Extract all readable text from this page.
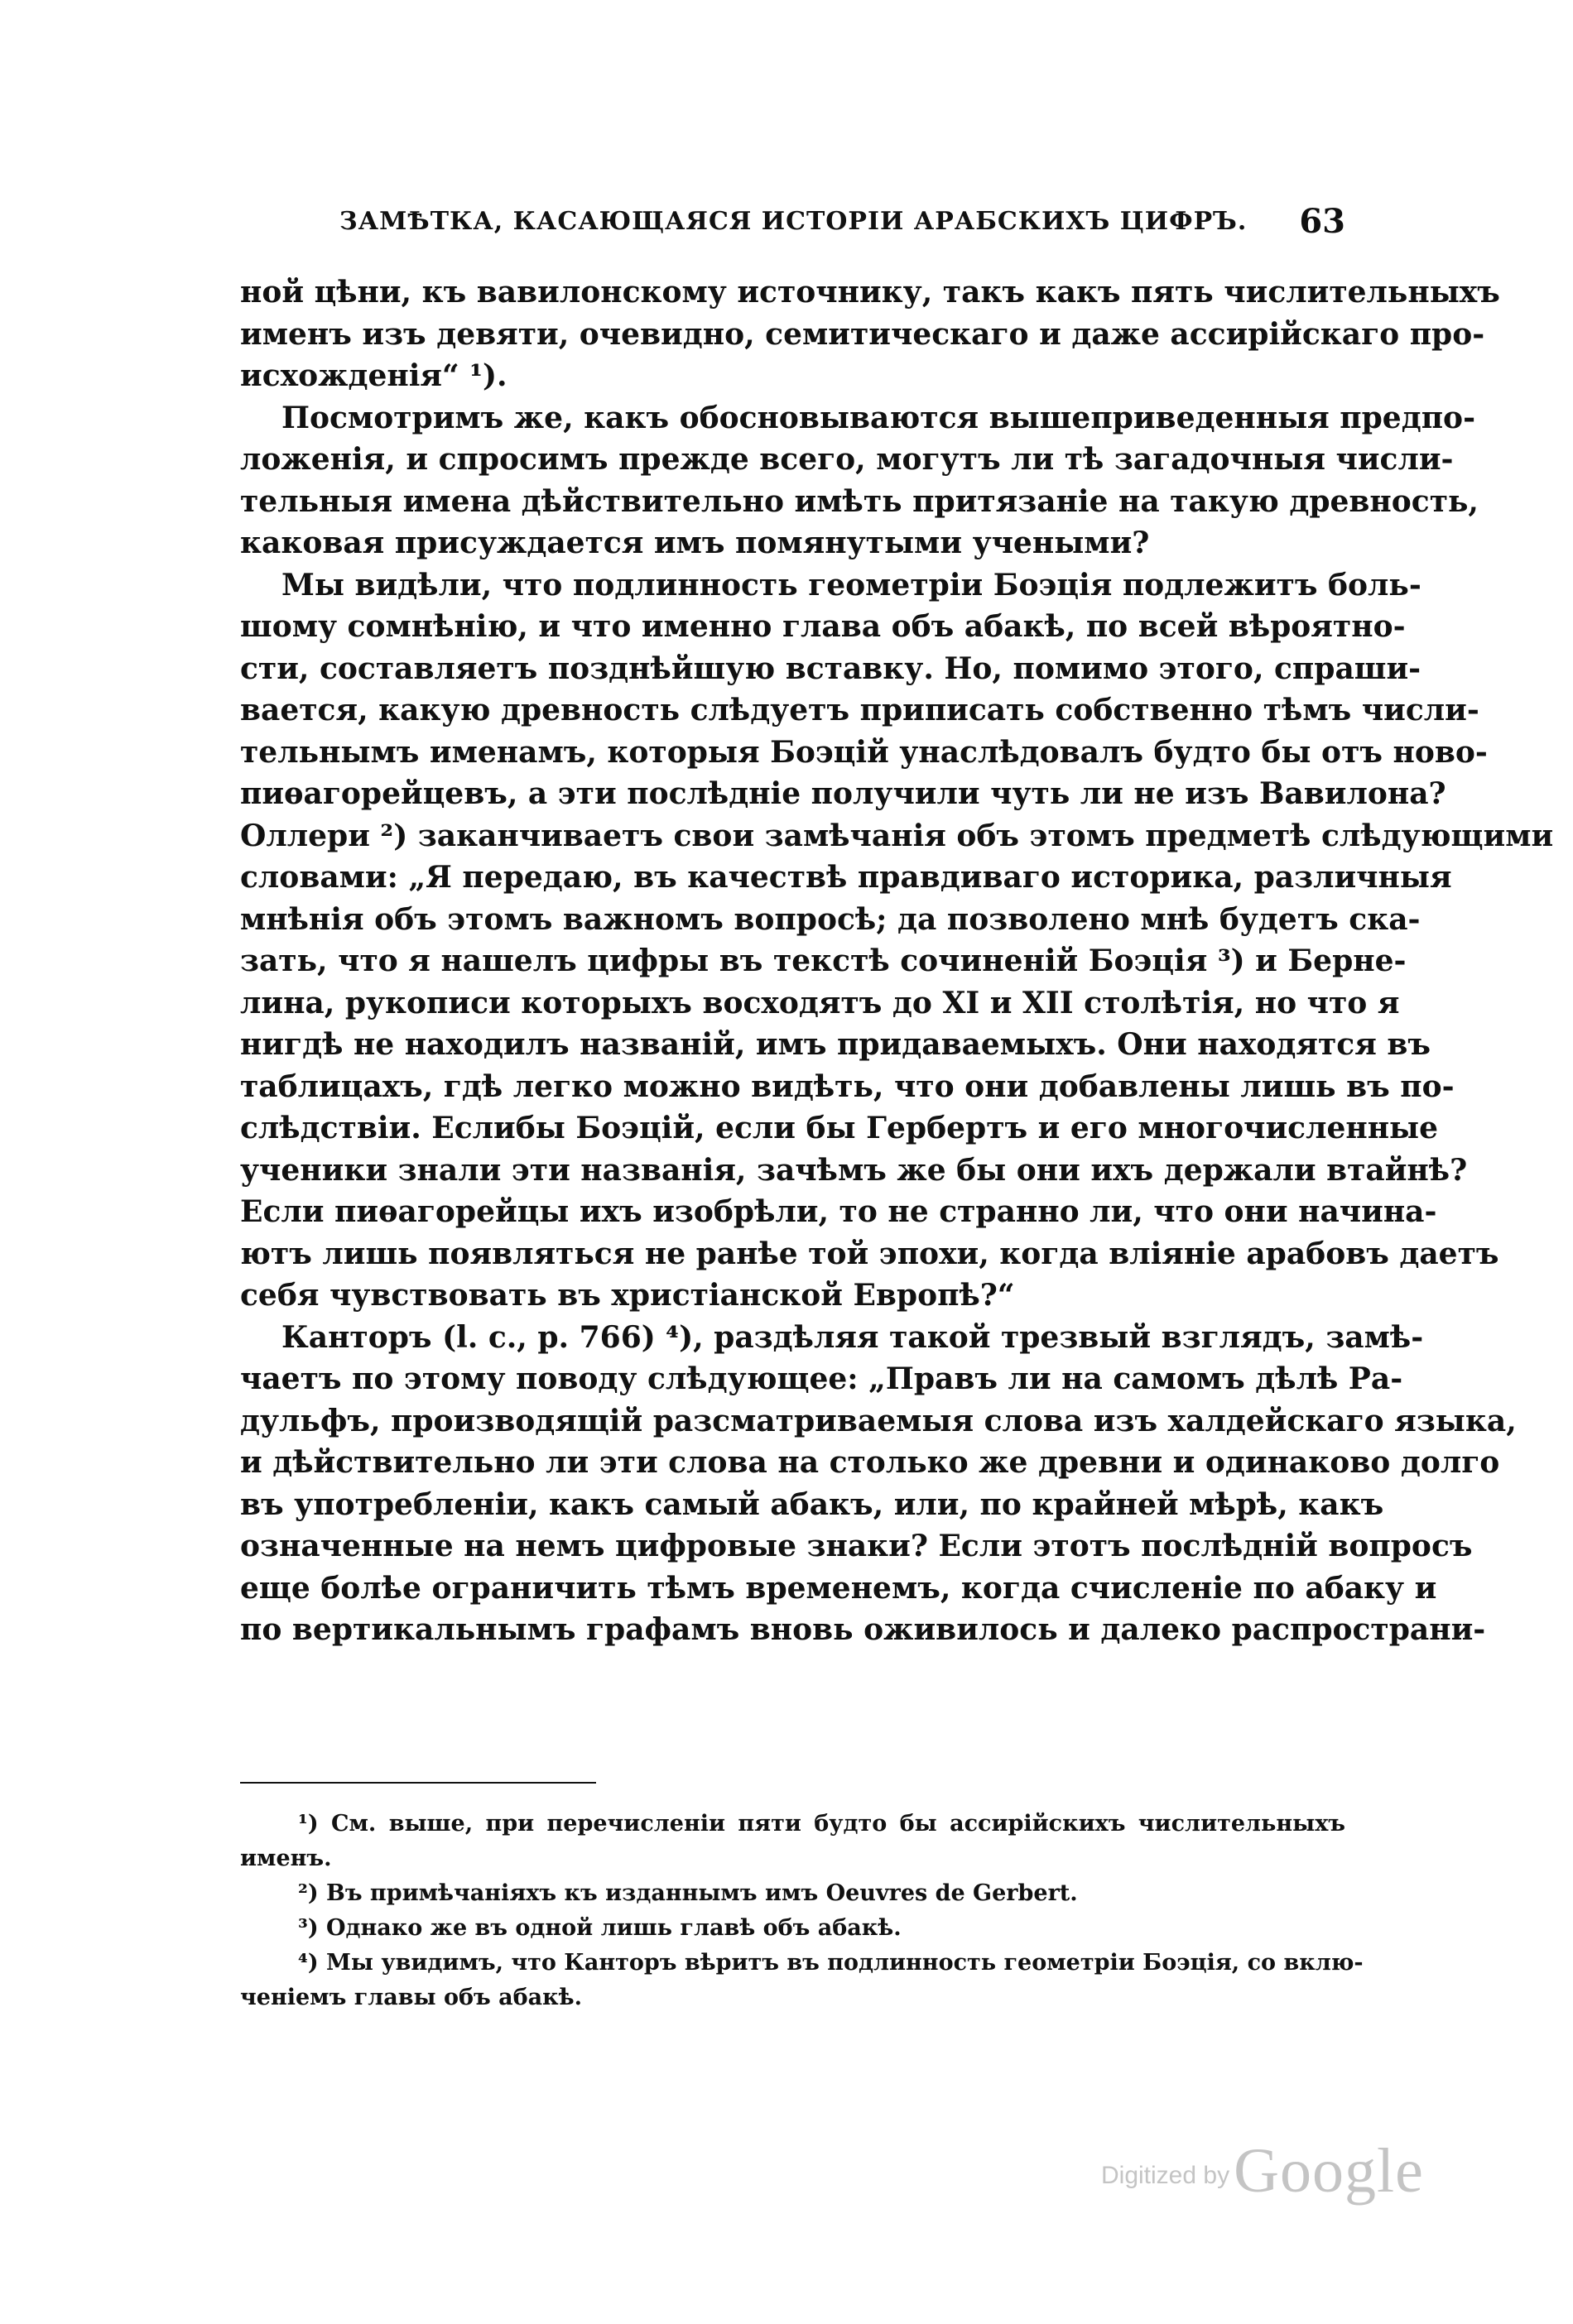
ЗАМѢТКА, КАСАЮЩАЯСЯ ИСТОРІИ АРАБСКИХЪ ЦИФРЪ. 63
ной цѣни, къ вавилонскому источнику, такъ какъ пять числительныхъ
именъ изъ девяти, очевидно, семитическаго и даже ассирійскаго про-
исхожденія“ ¹).
Посмотримъ же, какъ обосновываются вышеприведенныя предпо-
ложенія, и спросимъ прежде всего, могутъ ли тѣ загадочныя числи-
тельныя имена дѣйствительно имѣть притязаніе на такую древность,
каковая присуждается имъ помянутыми учеными?
Мы видѣли, что подлинность геометріи Боэція подлежитъ боль-
шому сомнѣнію, и что именно глава объ абакѣ, по всей вѣроятно-
сти, составляетъ позднѣйшую вставку. Но, помимо этого, спраши-
вается, какую древность слѣдуетъ приписать собственно тѣмъ числи-
тельнымъ именамъ, которыя Боэцій унаслѣдовалъ будто бы отъ ново-
пиѳагорейцевъ, а эти послѣдніе получили чуть ли не изъ Вавилона?
Оллери ²) заканчиваетъ свои замѣчанія объ этомъ предметѣ слѣдующими
словами: „Я передаю, въ качествѣ правдиваго историка, различныя
мнѣнія объ этомъ важномъ вопросѣ; да позволено мнѣ будетъ ска-
зать, что я нашелъ цифры въ текстѣ сочиненій Боэція ³) и Берне-
лина, рукописи которыхъ восходятъ до XI и XII столѣтія, но что я
нигдѣ не находилъ названій, имъ придаваемыхъ. Они находятся въ
таблицахъ, гдѣ легко можно видѣть, что они добавлены лишь въ по-
слѣдствіи. Еслибы Боэцій, если бы Гербертъ и его многочисленные
ученики знали эти названія, зачѣмъ же бы они ихъ держали втайнѣ?
Если пиѳагорейцы ихъ изобрѣли, то не странно ли, что они начина-
ютъ лишь появляться не ранѣе той эпохи, когда вліяніе арабовъ даетъ
себя чувствовать въ христіанской Европѣ?“
Канторъ (l. c., p. 766) ⁴), раздѣляя такой трезвый взглядъ, замѣ-
чаетъ по этому поводу слѣдующее: „Правъ ли на самомъ дѣлѣ Ра-
дульфъ, производящій разсматриваемыя слова изъ халдейскаго языка,
и дѣйствительно ли эти слова на столько же древни и одинаково долго
въ употребленіи, какъ самый абакъ, или, по крайней мѣрѣ, какъ
означенные на немъ цифровые знаки? Если этотъ послѣдній вопросъ
еще болѣе ограничить тѣмъ временемъ, когда счисленіе по абаку и
по вертикальнымъ графамъ вновь оживилось и далеко распространи-
¹) См. выше, при перечисленіи пяти будто бы ассирійскихъ числительныхъ
именъ.
²) Въ примѣчаніяхъ къ изданнымъ имъ Oeuvres de Gerbert.
³) Однако же въ одной лишь главѣ объ абакѣ.
⁴) Мы увидимъ, что Канторъ вѣритъ въ подлинность геометріи Боэція, со вклю-
ченіемъ главы объ абакѣ.
Digitized by Google
